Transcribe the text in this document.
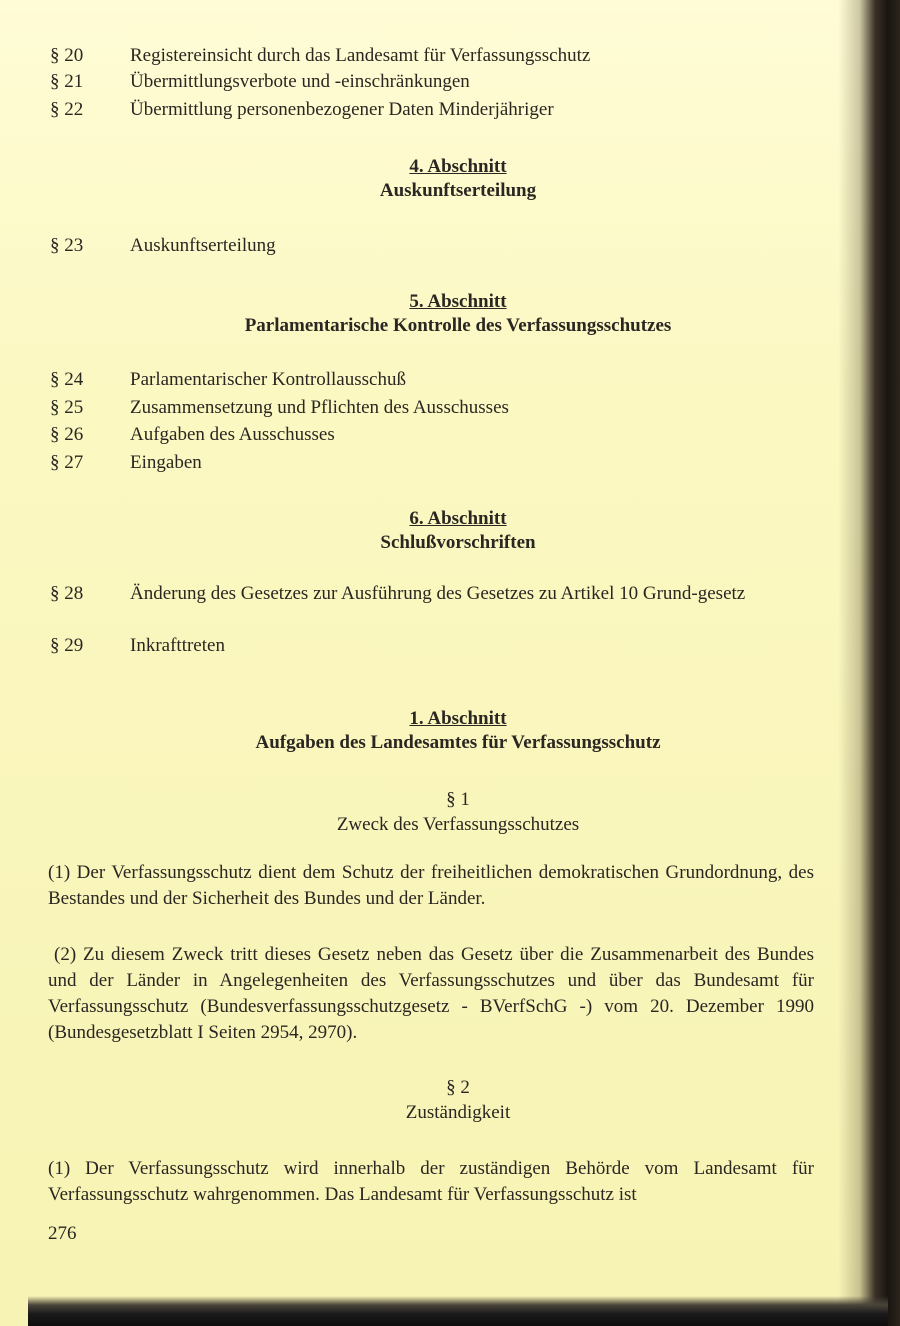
§ 20 Registereinsicht durch das Landesamt für Verfassungsschutz
§ 21 Übermittlungsverbote und -einschränkungen
§ 22 Übermittlung personenbezogener Daten Minderjähriger
4. Abschnitt
Auskunftserteilung
§ 23 Auskunftserteilung
5. Abschnitt
Parlamentarische Kontrolle des Verfassungsschutzes
§ 24 Parlamentarischer Kontrollausschuß
§ 25 Zusammensetzung und Pflichten des Ausschusses
§ 26 Aufgaben des Ausschusses
§ 27 Eingaben
6. Abschnitt
Schlußvorschriften
§ 28 Änderung des Gesetzes zur Ausführung des Gesetzes zu Artikel 10 Grund-gesetz
§ 29 Inkrafttreten
1. Abschnitt
Aufgaben des Landesamtes für Verfassungsschutz
§ 1
Zweck des Verfassungsschutzes
(1) Der Verfassungsschutz dient dem Schutz der freiheitlichen demokratischen Grundordnung, des Bestandes und der Sicherheit des Bundes und der Länder.
(2) Zu diesem Zweck tritt dieses Gesetz neben das Gesetz über die Zusammenarbeit des Bundes und der Länder in Angelegenheiten des Verfassungsschutzes und über das Bundesamt für Verfassungsschutz (Bundesverfassungsschutzgesetz - BVerfSchG -) vom 20. Dezember 1990 (Bundesgesetzblatt I Seiten 2954, 2970).
§ 2
Zuständigkeit
(1) Der Verfassungsschutz wird innerhalb der zuständigen Behörde vom Landesamt für Verfassungsschutz wahrgenommen. Das Landesamt für Verfassungsschutz ist
276
